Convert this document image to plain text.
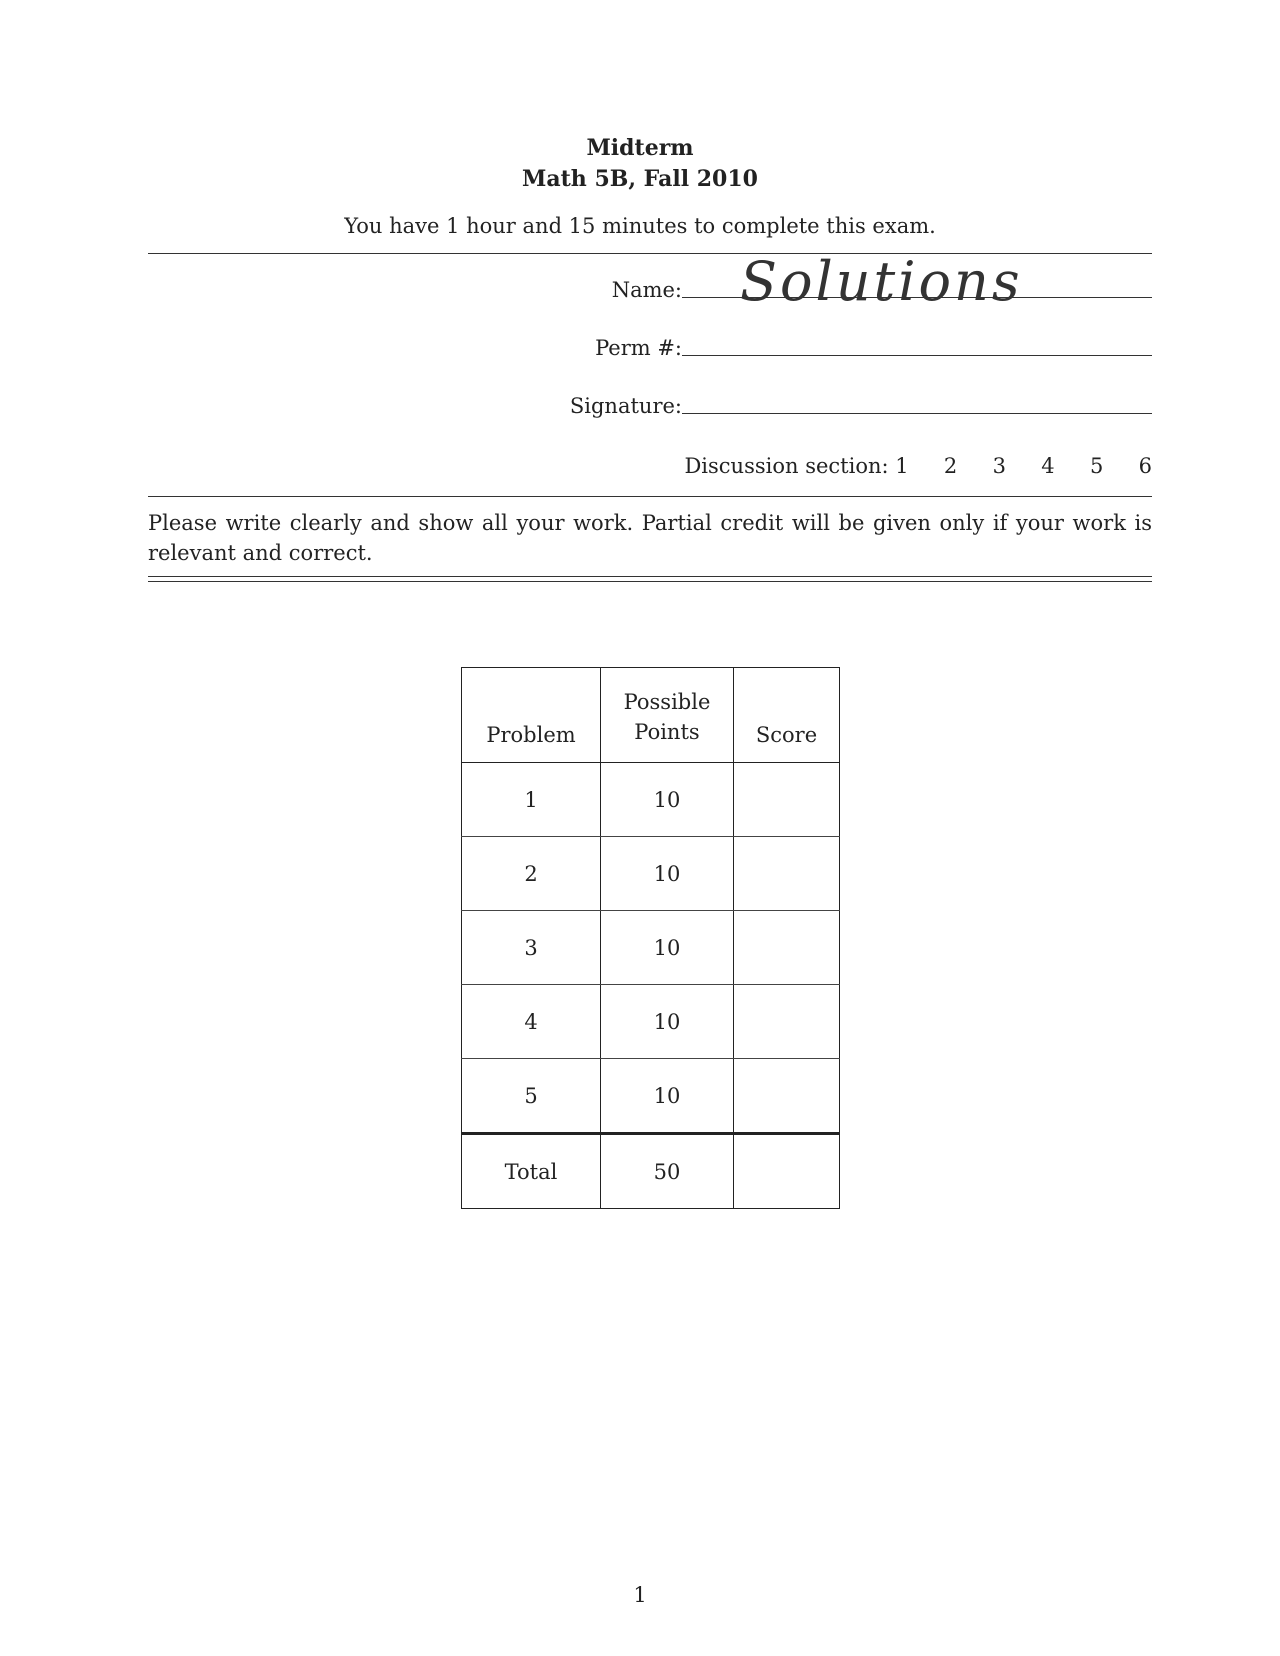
Midterm
Math 5B, Fall 2010
You have 1 hour and 15 minutes to complete this exam.
Name: Solutions
Perm #:
Signature:
Discussion section: 1 2 3 4 5 6
Please write clearly and show all your work. Partial credit will be given only if your work is relevant and correct.
Problem	Possible Points	Score
1	10	
2	10	
3	10	
4	10	
5	10	
Total	50	
1
